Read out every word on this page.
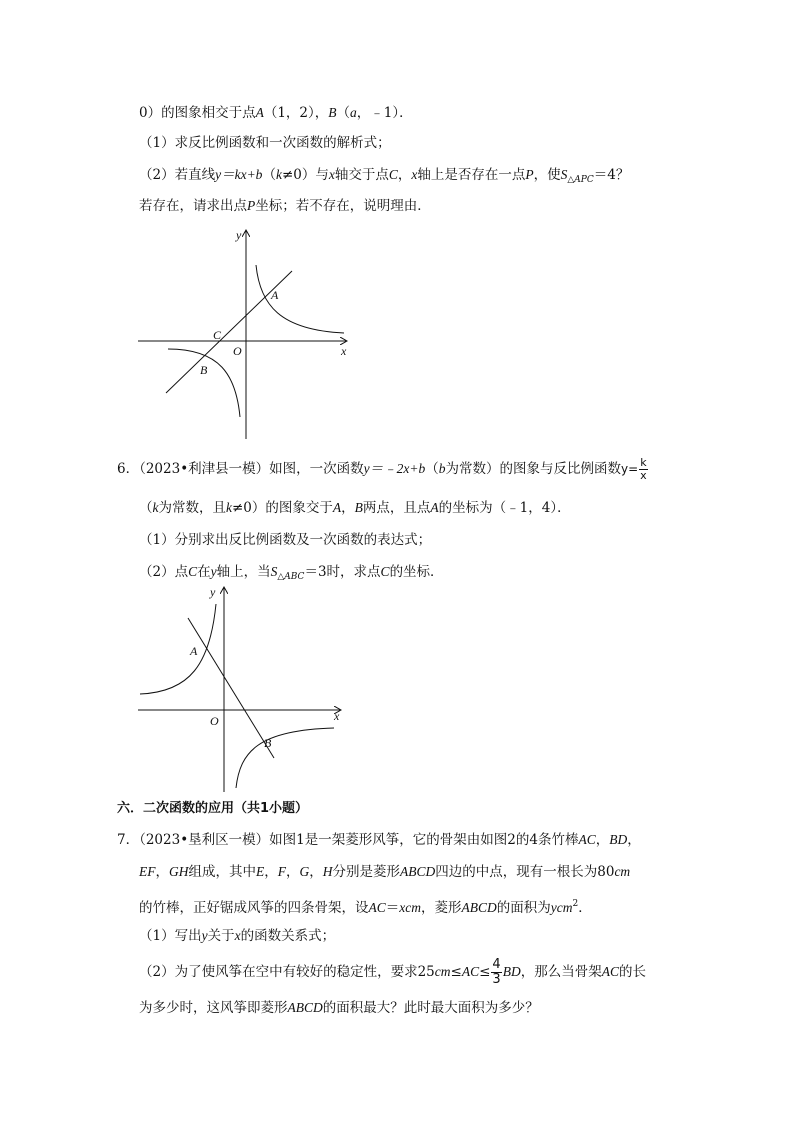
0）的图象相交于点A（1，2），B（a，﹣1）．
（1）求反比例函数和一次函数的解析式；
（2）若直线y＝kx+b（k≠0）与x轴交于点C，x轴上是否存在一点P，使$S_{\triangle APC}=4$？
若存在，请求出点P坐标；若不存在，说明理由．
y
x
A
C
O
B
6．（2023•利津县一模）如图，一次函数y＝﹣2x+b（b为常数）的图象与反比例函数$y= \frac{k}{x}$
（k为常数，且k≠0）的图象交于A，B两点，且点A的坐标为（﹣1，4）．
（1）分别求出反比例函数及一次函数的表达式；
（2）点C在y轴上，当$S_{\triangle ABC}=3$时，求点C的坐标．
y
x
A
O
B
六．二次函数的应用（共1小题）
7．（2023•垦利区一模）如图1是一架菱形风筝，它的骨架由如图2的4条竹棒AC，BD，
EF，GH组成，其中E，F，G，H分别是菱形ABCD四边的中点，现有一根长为80cm
的竹棒，正好锯成风筝的四条骨架，设AC＝xcm，菱形ABCD的面积为ycm$^2$．
（1）写出y关于x的函数关系式；
（2）为了使风筝在空中有较好的稳定性，要求$25cm\le AC\le \frac{4}{3}$ BD，那么当骨架AC的长
为多少时，这风筝即菱形ABCD的面积最大？此时最大面积为多少？
